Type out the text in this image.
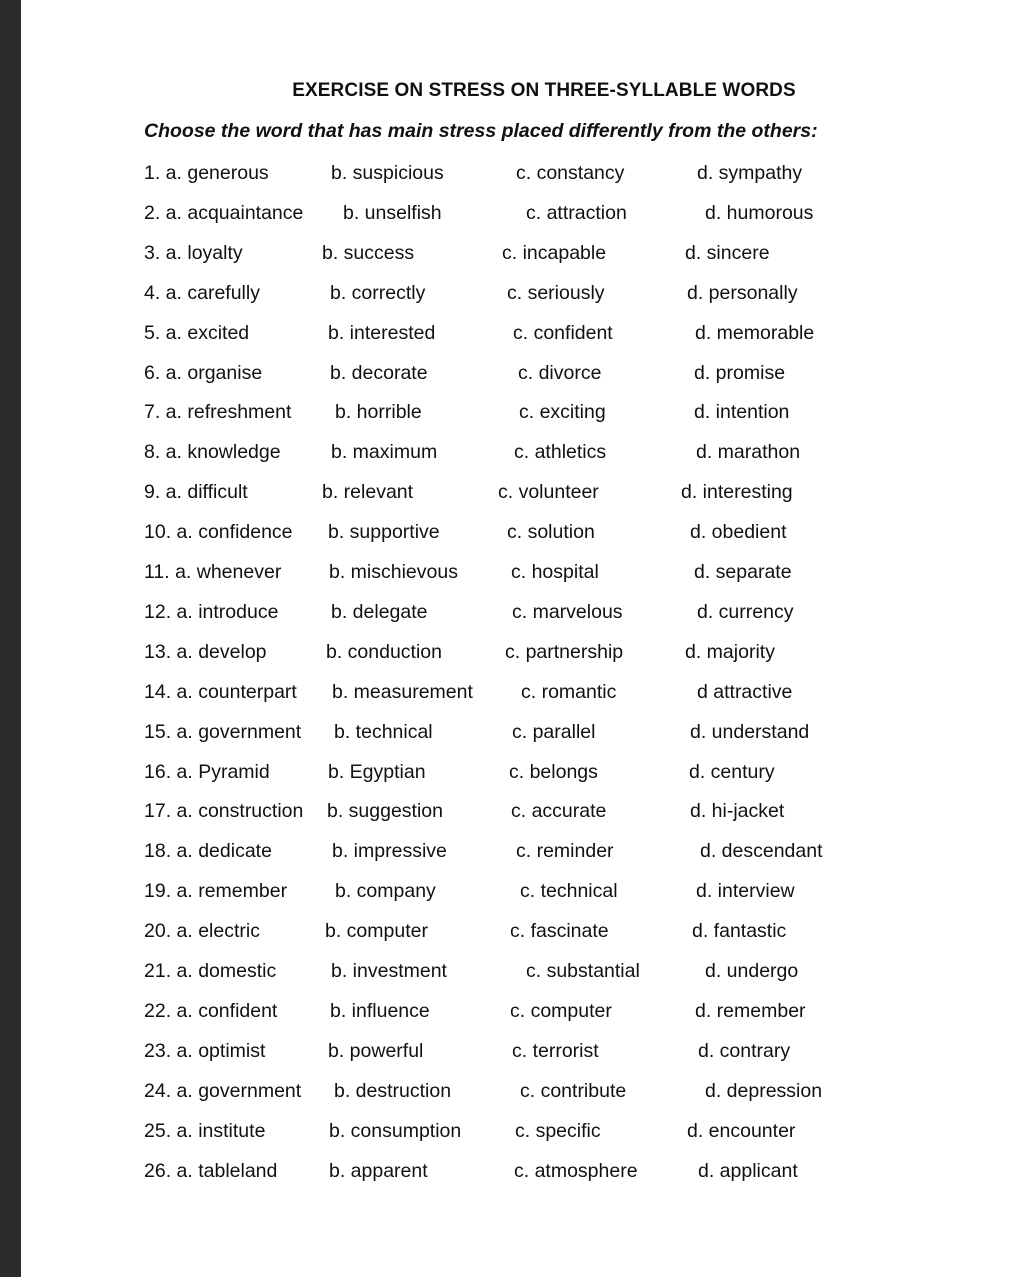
EXERCISE ON STRESS ON THREE-SYLLABLE WORDS
Choose the word that has main stress placed differently from the others:
1. a. generous	b. suspicious	c. constancy	d. sympathy
2. a. acquaintance b. unselfish	c. attraction	d. humorous
3. a. loyalty	b. success	c. incapable	d. sincere
4. a. carefully	b. correctly	c. seriously	d. personally
5. a. excited	b. interested	c. confident	d. memorable
6. a. organise	b. decorate	c. divorce	d. promise
7. a. refreshment b. horrible	c. exciting	d. intention
8. a. knowledge	b. maximum	c. athletics	d. marathon
9. a. difficult	b. relevant	c. volunteer	d. interesting
10. a. confidence b. supportive	c. solution	d. obedient
11. a. whenever b. mischievous	c. hospital	d. separate
12. a. introduce	b. delegate	c. marvelous	d. currency
13. a. develop	b. conduction	c. partnership	d. majority
14. a. counterpart b. measurement c. romantic	d attractive
15. a. government b. technical	c. parallel	d. understand
16. a. Pyramid	b. Egyptian	c. belongs	d. century
17. a. construction b. suggestion	c. accurate	d. hi-jacket
18. a. dedicate	b. impressive	c. reminder	d. descendant
19. a. remember b. company	c. technical	d. interview
20. a. electric	b. computer	c. fascinate	d. fantastic
21. a. domestic	b. investment	c. substantial	d. undergo
22. a. confident	b. influence	c. computer	d. remember
23. a. optimist	b. powerful	c. terrorist	d. contrary
24. a. government b. destruction	c. contribute	d. depression
25. a. institute	b. consumption	c. specific	d. encounter
26. a. tableland	b. apparent	c. atmosphere	d. applicant
